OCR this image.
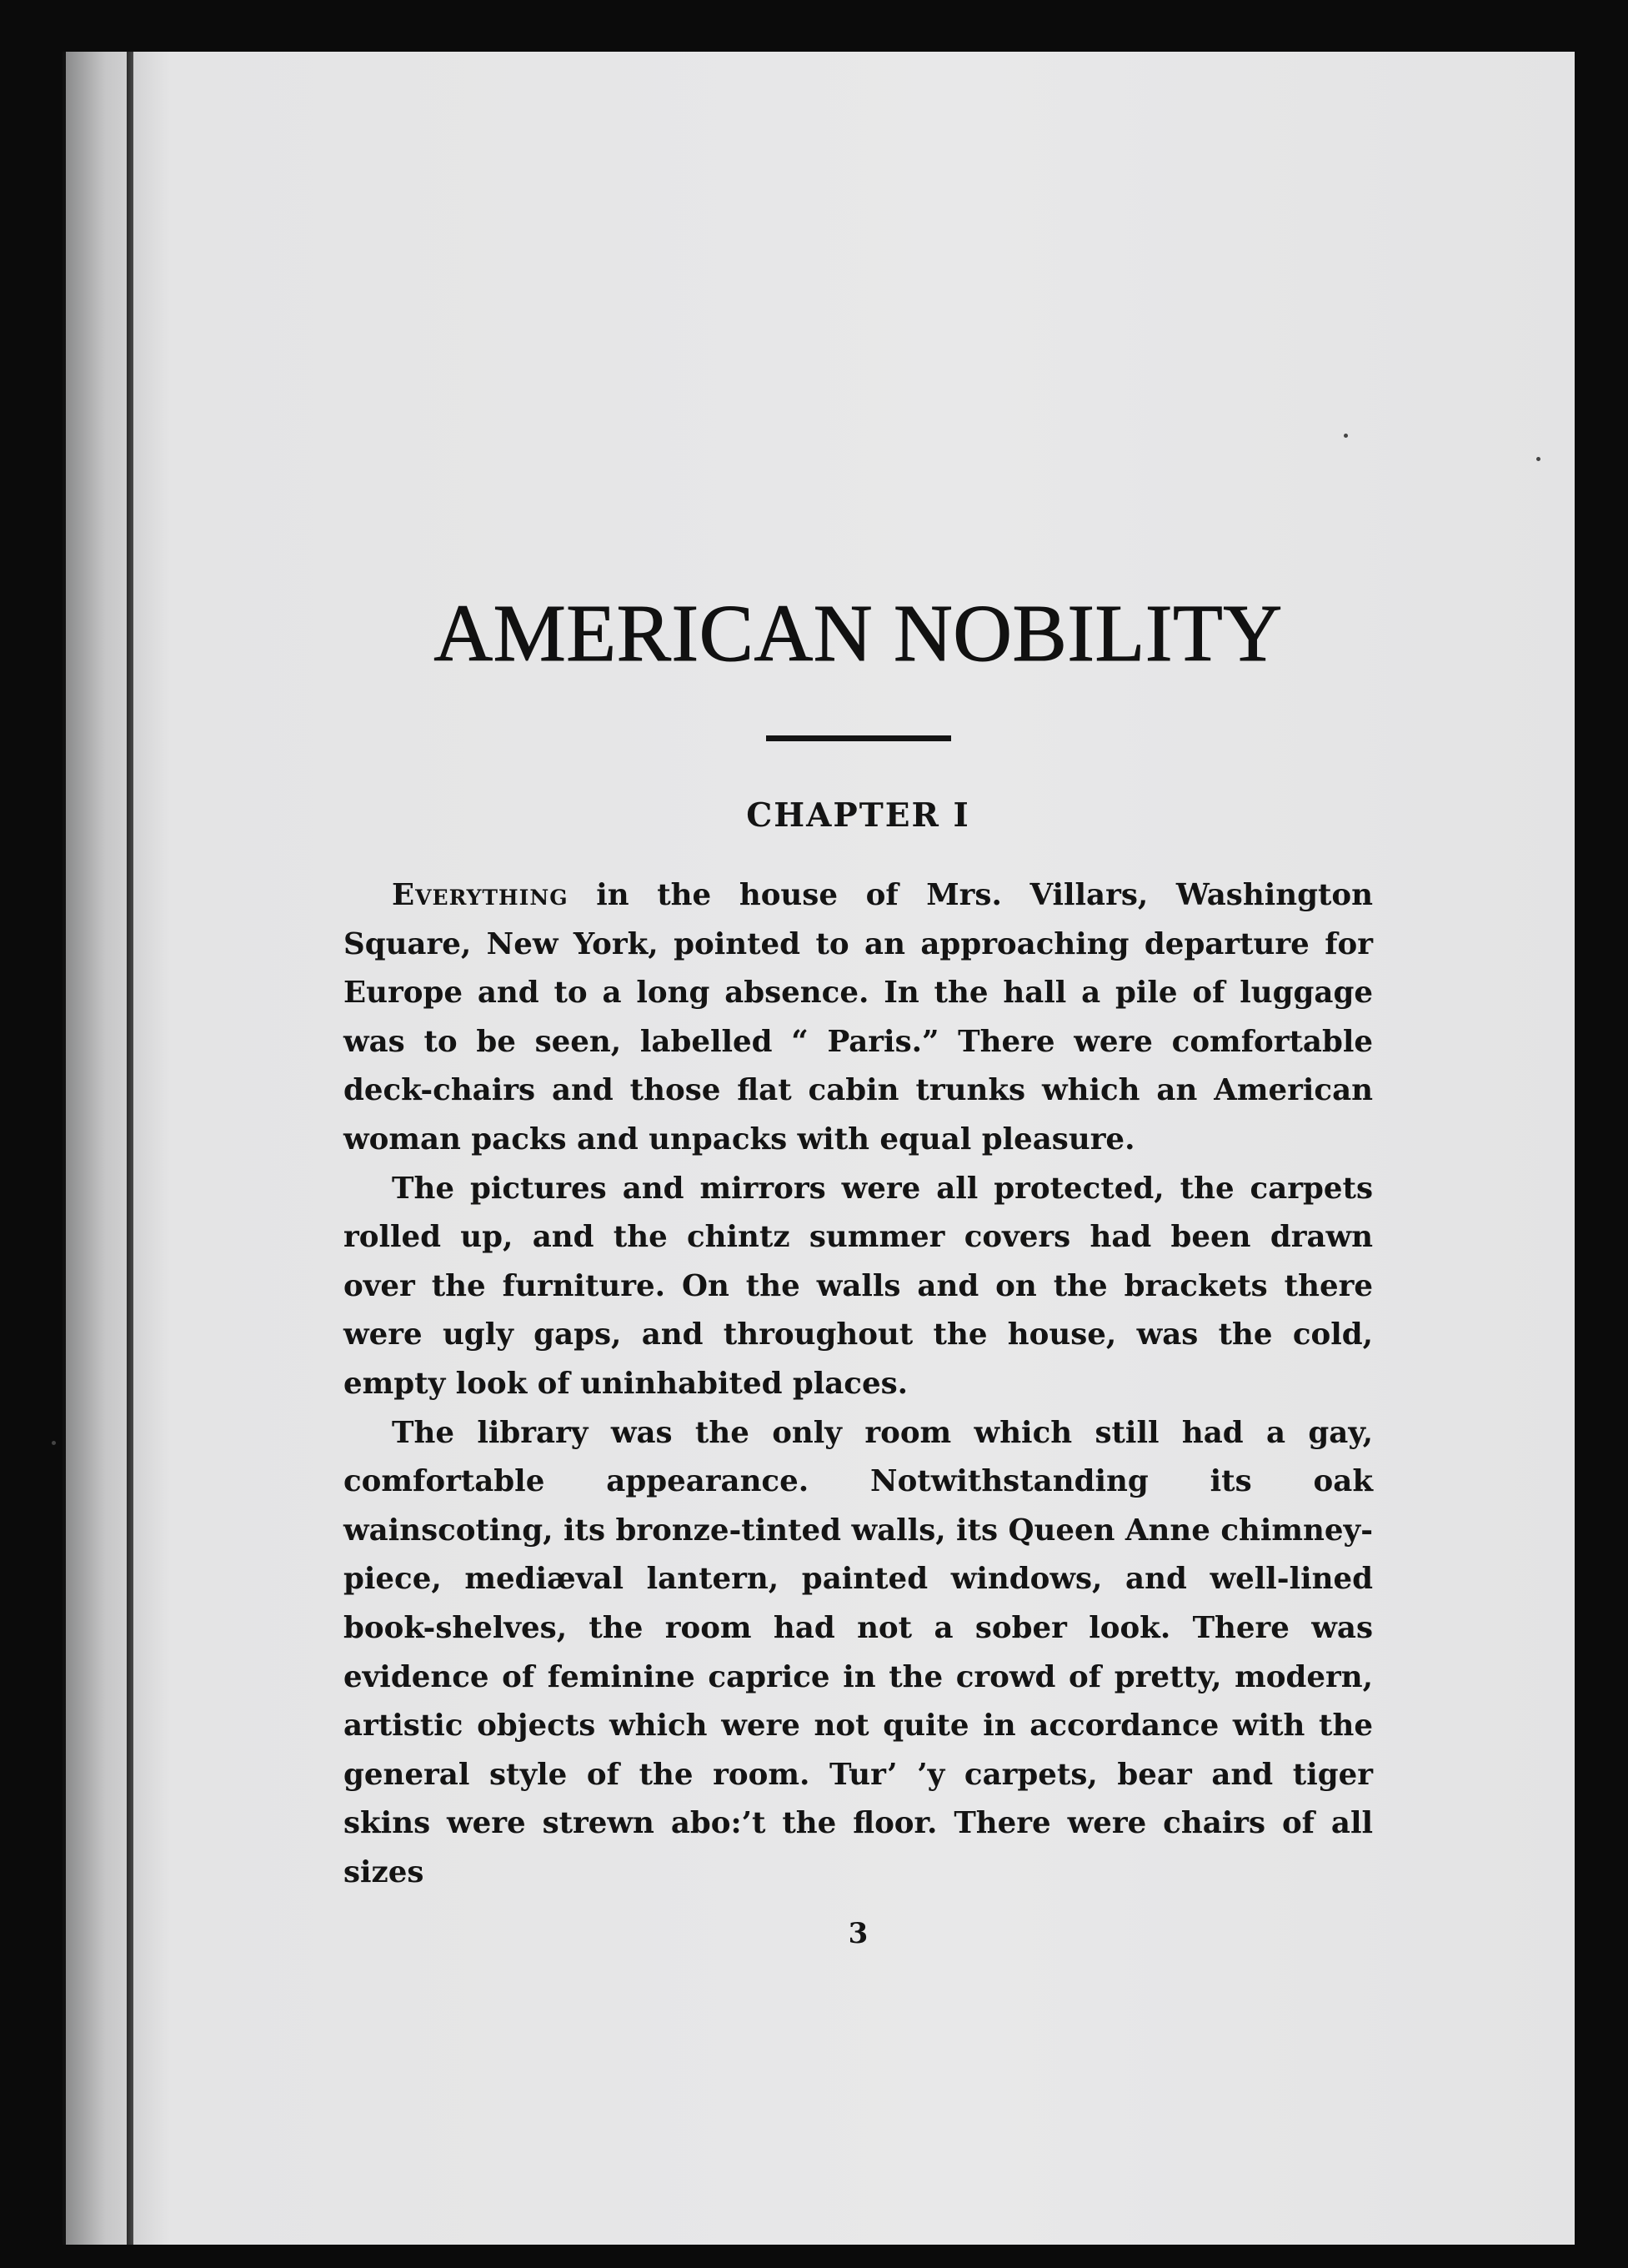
AMERICAN NOBILITY
CHAPTER I

Everything in the house of Mrs. Villars, Washington Square, New York, pointed to an approaching departure for Europe and to a long absence. In the hall a pile of luggage was to be seen, labelled “ Paris.” There were comfortable deck-chairs and those flat cabin trunks which an American woman packs and unpacks with equal pleasure.

The pictures and mirrors were all protected, the carpets rolled up, and the chintz summer covers had been drawn over the furniture. On the walls and on the brackets there were ugly gaps, and throughout the house, was the cold, empty look of uninhabited places.

The library was the only room which still had a gay, comfortable appearance. Notwithstanding its oak wainscoting, its bronze-tinted walls, its Queen Anne chimney-piece, mediæval lantern, painted windows, and well-lined book-shelves, the room had not a sober look. There was evidence of feminine caprice in the crowd of pretty, modern, artistic objects which were not quite in accordance with the general style of the room. Tur’ ’y carpets, bear and tiger skins were strewn abo:’t the floor. There were chairs of all sizes

3
